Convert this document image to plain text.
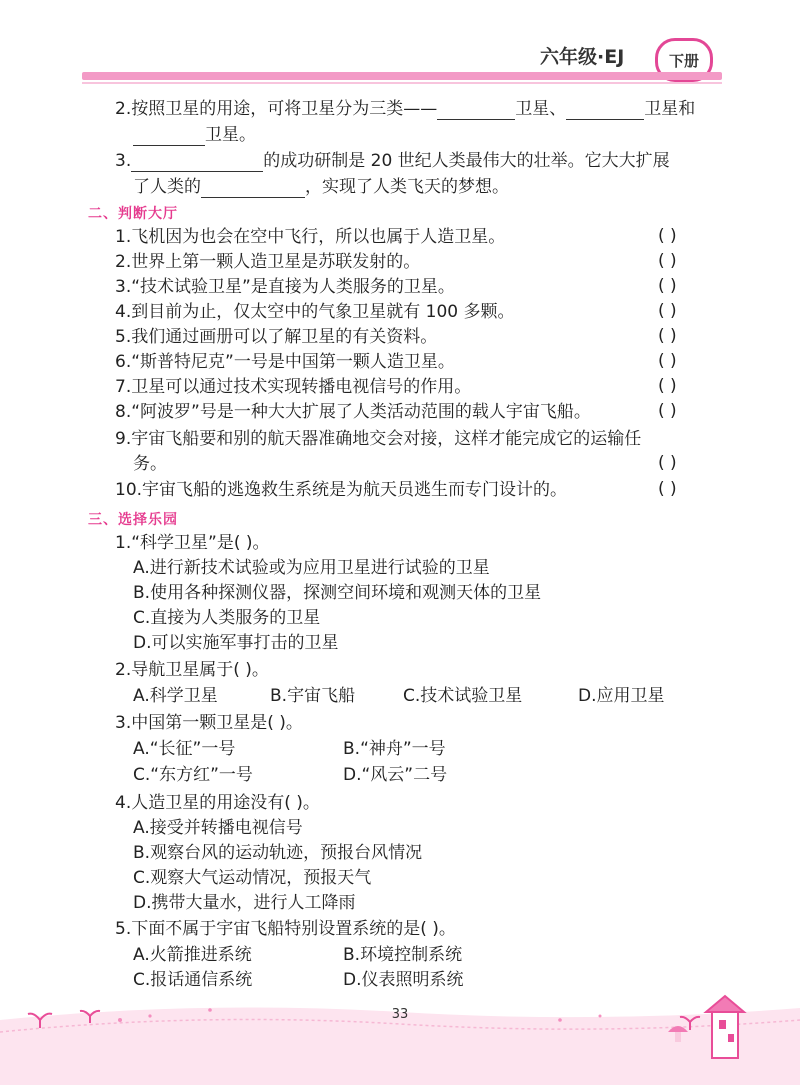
六年级·EJ	下册
2.按照卫星的用途，可将卫星分为三类——	卫星、	卫星和
卫星。
3.	的成功研制是 20 世纪人类最伟大的壮举。它大大扩展
了人类的	，实现了人类飞天的梦想。
二、判断大厅
1.飞机因为也会在空中飞行，所以也属于人造卫星。	( )
2.世界上第一颗人造卫星是苏联发射的。	( )
3.“技术试验卫星”是直接为人类服务的卫星。	( )
4.到目前为止，仅太空中的气象卫星就有 100 多颗。	( )
5.我们通过画册可以了解卫星的有关资料。	( )
6.“斯普特尼克”一号是中国第一颗人造卫星。	( )
7.卫星可以通过技术实现转播电视信号的作用。	( )
8.“阿波罗”号是一种大大扩展了人类活动范围的载人宇宙飞船。	( )
9.宇宙飞船要和别的航天器准确地交会对接，这样才能完成它的运输任
务。	( )
10.宇宙飞船的逃逸救生系统是为航天员逃生而专门设计的。	( )
三、选择乐园
1.“科学卫星”是( )。
A.进行新技术试验或为应用卫星进行试验的卫星
B.使用各种探测仪器，探测空间环境和观测天体的卫星
C.直接为人类服务的卫星
D.可以实施军事打击的卫星
2.导航卫星属于( )。
A.科学卫星	B.宇宙飞船	C.技术试验卫星	D.应用卫星
3.中国第一颗卫星是( )。
A.“长征”一号	B.“神舟”一号
C.“东方红”一号	D.“风云”二号
4.人造卫星的用途没有( )。
A.接受并转播电视信号
B.观察台风的运动轨迹，预报台风情况
C.观察大气运动情况，预报天气
D.携带大量水，进行人工降雨
5.下面不属于宇宙飞船特别设置系统的是( )。
A.火箭推进系统	B.环境控制系统
C.报话通信系统	D.仪表照明系统
33
